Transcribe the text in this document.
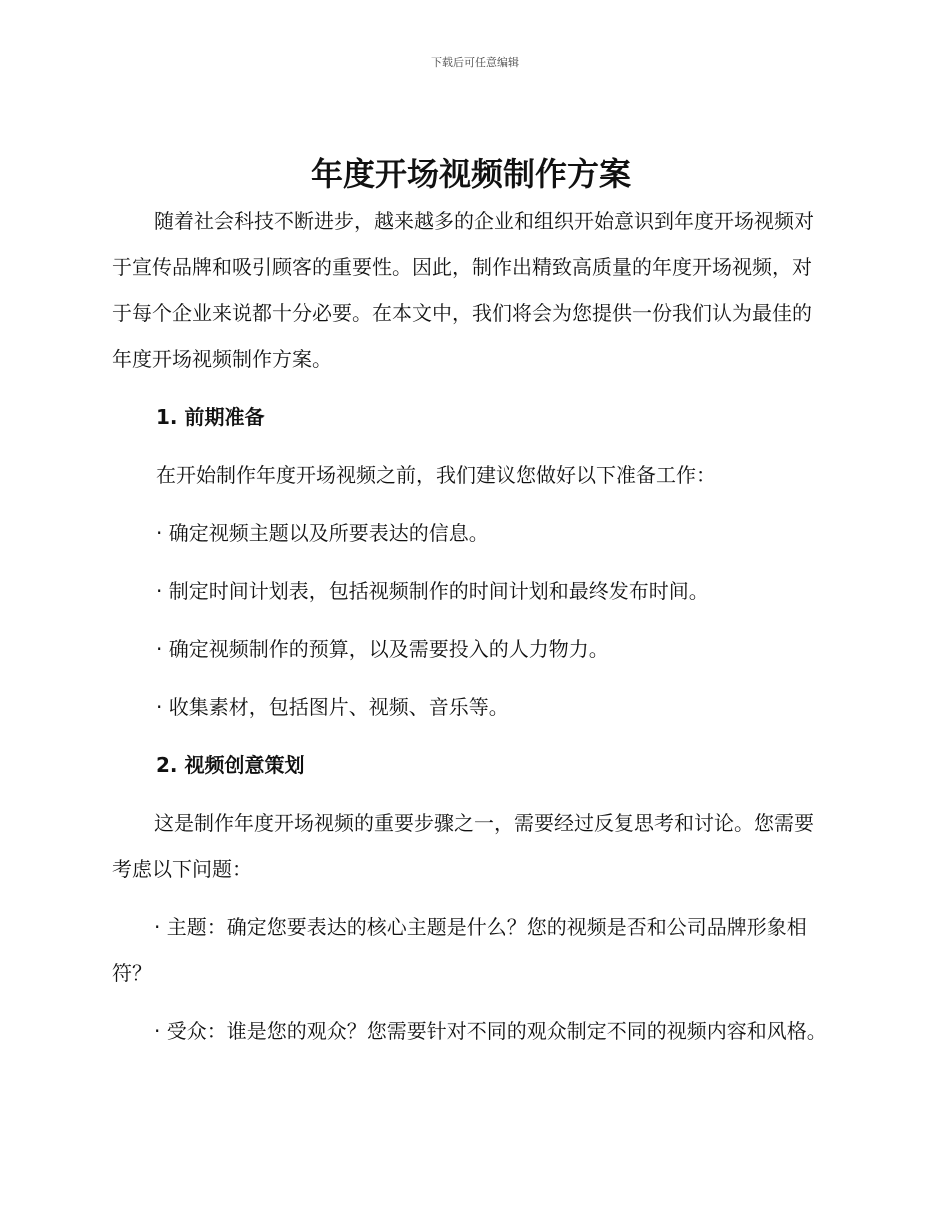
下载后可任意编辑
年度开场视频制作方案

随着社会科技不断进步，越来越多的企业和组织开始意识到年度开场视频对于宣传品牌和吸引顾客的重要性。因此，制作出精致高质量的年度开场视频，对于每个企业来说都十分必要。在本文中，我们将会为您提供一份我们认为最佳的年度开场视频制作方案。

1. 前期准备

在开始制作年度开场视频之前，我们建议您做好以下准备工作：

· 确定视频主题以及所要表达的信息。

· 制定时间计划表，包括视频制作的时间计划和最终发布时间。

· 确定视频制作的预算，以及需要投入的人力物力。

· 收集素材，包括图片、视频、音乐等。

2. 视频创意策划

这是制作年度开场视频的重要步骤之一，需要经过反复思考和讨论。您需要考虑以下问题：

· 主题：确定您要表达的核心主题是什么？您的视频是否和公司品牌形象相符？

· 受众：谁是您的观众？您需要针对不同的观众制定不同的视频内容和风格。
